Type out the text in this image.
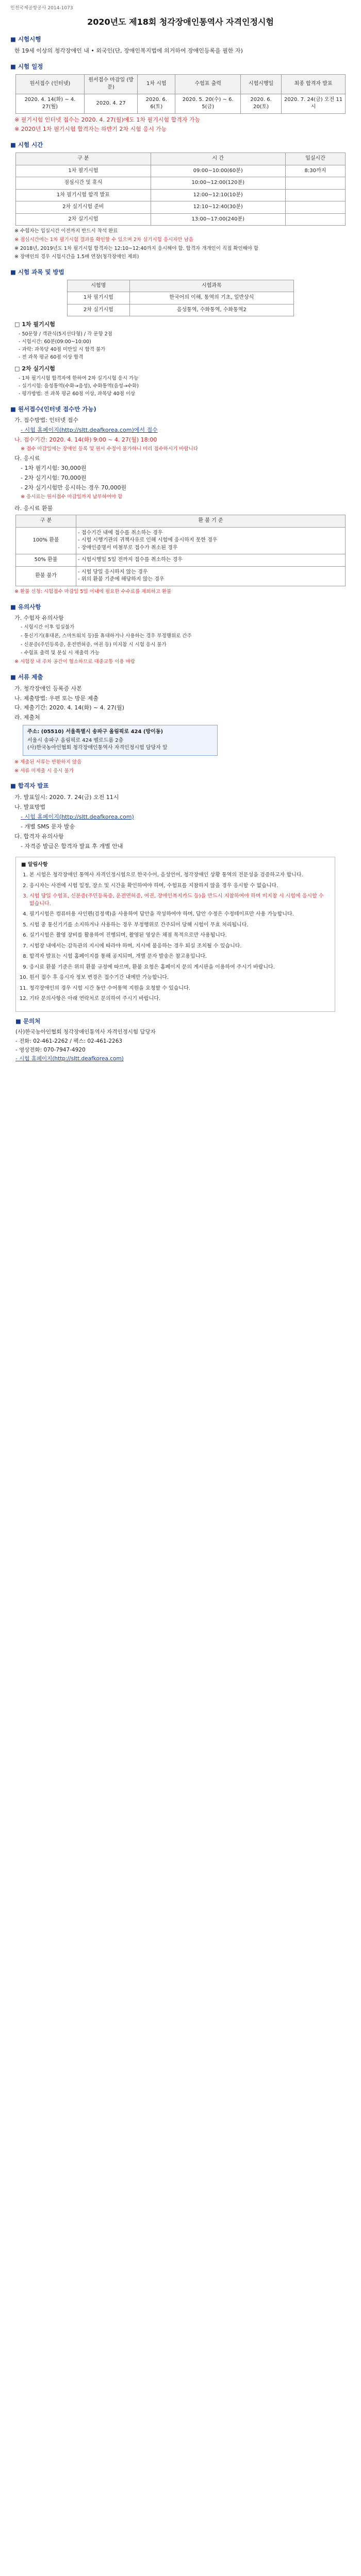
인천국제공항공사 2014-1073
2020년도 제18회 청각장애인통역사 자격인정시험
■ 시험시행
한 19세 이상의 청각장애인 내 • 외국인(단, 장애인복지법에 의거하여 장애인등록을 필한 자)
■ 시험 일정
원서접수 (인터넷)	원서접수 마감일 (방문)	1차 시험	수험표 출력	시험시행일	최종 합격자 발표
2020. 4. 14(화) ~ 4. 27(월)	2020. 4. 27	2020. 6. 6(토)	2020. 5. 20(수) ~ 6. 5(금)	2020. 6. 20(토)	2020. 7. 24(금) 오전 11시
※ 필기시험 인터넷 접수는 2020. 4. 27(월)에도 1차 필기시험 합격자 가능
※ 2020년 1차 필기시험 합격자는 하반기 2차 시험 응시 가능
■ 시험 시간
구 분	시 간	입실시간
1차 필기시험	09:00~10:00(60분)	8:30까지
점심시간 및 휴식	10:00~12:00(120분)	
1차 필기시험 합격 발표	12:00~12:10(10분)	
2차 실기시험 준비	12:10~12:40(30분)	
2차 실기시험	13:00~17:00(240분)	
※ 수험자는 입실시간 이전까지 반드시 착석 완료
※ 점심시간에는 1차 필기시험 결과를 확인할 수 있으며 2차 실기시험 응시자만 남음
※ 2018년, 2019년도 1차 필기시험 합격자는 12:10~12:40까지 응시해야 함. 합격자 개개인이 직접 확인해야 함
※ 장애인의 경우 시험시간을 1.5배 연장(청각장애인 제외)
■ 시험 과목 및 방법
시험명	시험과목
1차 필기시험	한국어의 이해, 통역의 기초, 일반상식
2차 실기시험	음성통역, 수화통역, 수화통역2
□ 1차 필기시험
- 50문항 / 객관식(5지선다형) / 각 문항 2점
- 시험시간: 60분(09:00~10:00)
- 과락: 과목당 40점 미만일 시 합격 불가
- 전 과목 평균 60점 이상 합격
□ 2차 실기시험
- 1차 필기시험 합격자에 한하여 2차 실기시험 응시 가능
- 실기시험: 음성통역(수화→음성), 수화통역(음성→수화)
- 평가방법: 전 과목 평균 60점 이상, 과목당 40점 이상
■ 원서접수(인터넷 접수만 가능)
가. 접수방법: 인터넷 접수
- 시험 홈페이지(http://sltt.deafkorea.com)에서 접수
나. 접수기간: 2020. 4. 14(화) 9:00 ~ 4. 27(월) 18:00
※ 접수 마감일에는 장애인 등록 및 원서 수정이 불가하니 미리 접수하시기 바랍니다
다. 응시료
- 1차 필기시험: 30,000원
- 2차 실기시험: 70,000원
- 2차 실기시험만 응시하는 경우 70,000원
※ 응시료는 원서접수 마감일까지 납부하여야 함
라. 응시료 환불
구 분	환 불 기 준
100% 환불	- 접수기간 내에 접수를 취소하는 경우
- 시험 시행기관의 귀책사유로 인해 시험에 응시하지 못한 경우
- 장애인증명서 미첨부로 접수가 취소된 경우
50% 환불	- 시험시행일 5일 전까지 접수를 취소하는 경우
환불 불가	- 시험 당일 응시하지 않는 경우
- 위의 환불 기준에 해당하지 않는 경우
※ 환불 신청: 시험접수 마감일 5일 이내에 필요한 수수료를 제외하고 환불
■ 유의사항
가. 수험자 유의사항
- 시험시간 이후 입실불가
- 통신기기(휴대폰, 스마트워치 등)를 휴대하거나 사용하는 경우 부정행위로 간주
- 신분증(주민등록증, 운전면허증, 여권 등) 미지참 시 시험 응시 불가
- 수험표 출력 및 분실 시 재출력 가능
※ 시험장 내 주차 공간이 협소하므로 대중교통 이용 바람
■ 서류 제출
가. 청각장애인 등록증 사본
나. 제출방법: 우편 또는 방문 제출
다. 제출기간: 2020. 4. 14(화) ~ 4. 27(월)
라. 제출처
주소: (05510) 서울특별시 송파구 올림픽로 424 (방이동)
서울시 송파구 올림픽로 424 벨로드롬 2층
(사)한국농아인협회 청각장애인통역사 자격인정시험 담당자 앞
※ 제출된 서류는 반환하지 않음
※ 서류 미제출 시 응시 불가
■ 합격자 발표
가. 발표일시: 2020. 7. 24(금) 오전 11시
나. 발표방법
- 시험 홈페이지(http://sltt.deafkorea.com)
- 개별 SMS 문자 발송
다. 합격자 유의사항
- 자격증 발급은 합격자 발표 후 개별 안내
■ 알림사항
1. 본 시험은 청각장애인 통역사 자격인정시험으로 한국수어, 음성언어, 청각장애인 상황 통역의 전문성을 검증하고자 합니다.
2. 응시자는 사전에 시험 일정, 장소 및 시간을 확인하여야 하며, 수험표를 지참하지 않을 경우 응시할 수 없습니다.
3. 시험 당일 수험표, 신분증(주민등록증, 운전면허증, 여권, 장애인복지카드 등)을 반드시 지참하여야 하며 미지참 시 시험에 응시할 수 없습니다.
4. 필기시험은 컴퓨터용 사인펜(검정색)을 사용하여 답안을 작성하여야 하며, 답안 수정은 수정테이프만 사용 가능합니다.
5. 시험 중 통신기기를 소지하거나 사용하는 경우 부정행위로 간주되어 당해 시험이 무효 처리됩니다.
6. 실기시험은 촬영 장비를 활용하여 진행되며, 촬영된 영상은 채점 목적으로만 사용됩니다.
7. 시험장 내에서는 감독관의 지시에 따라야 하며, 지시에 불응하는 경우 퇴실 조치될 수 있습니다.
8. 합격자 발표는 시험 홈페이지를 통해 공지되며, 개별 문자 발송은 참고용입니다.
9. 응시료 환불 기준은 위의 환불 규정에 따르며, 환불 요청은 홈페이지 문의 게시판을 이용하여 주시기 바랍니다.
10. 원서 접수 후 응시자 정보 변경은 접수기간 내에만 가능합니다.
11. 청각장애인의 경우 시험 시간 동안 수어통역 지원을 요청할 수 있습니다.
12. 기타 문의사항은 아래 연락처로 문의하여 주시기 바랍니다.
■ 문의처
(사)한국농아인협회 청각장애인통역사 자격인정시험 담당자
- 전화: 02-461-2262 / 팩스: 02-461-2263
- 영상전화: 070-7947-4920
- 시험 홈페이지(http://sltt.deafkorea.com)
